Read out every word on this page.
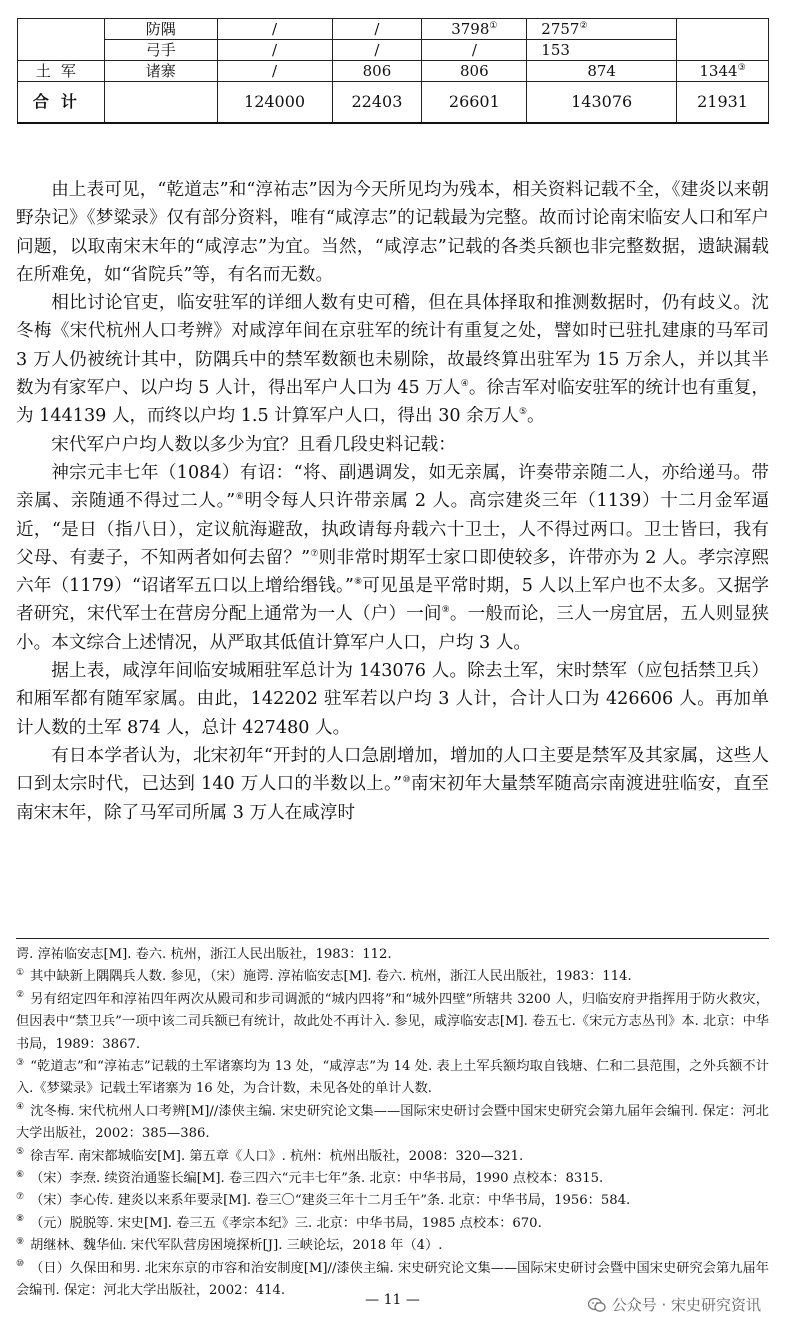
	防隅	/	/	3798①	2757②	
	弓手	/	/	/	153	
土军	诸寨	/	806	806	874	1344③
合计		124000	22403	26601	143076	21931

由上表可见，“乾道志”和“淳祐志”因为今天所见均为残本，相关资料记载不全，《建炎以来朝野杂记》《梦粱录》仅有部分资料，唯有“咸淳志”的记载最为完整。故而讨论南宋临安人口和军户问题，以取南宋末年的“咸淳志”为宜。当然，“咸淳志”记载的各类兵额也非完整数据，遗缺漏载在所难免，如“省院兵”等，有名而无数。

相比讨论官吏，临安驻军的详细人数有史可稽，但在具体择取和推测数据时，仍有歧义。沈冬梅《宋代杭州人口考辨》对咸淳年间在京驻军的统计有重复之处，譬如时已驻扎建康的马军司 3 万人仍被统计其中，防隅兵中的禁军数额也未剔除，故最终算出驻军为 15 万余人，并以其半数为有家军户、以户均 5 人计，得出军户人口为 45 万人④。徐吉军对临安驻军的统计也有重复，为 144139 人，而终以户均 1.5 计算军户人口，得出 30 余万人⑤。

宋代军户户均人数以多少为宜？且看几段史料记载：

神宗元丰七年（1084）有诏：“将、副遇调发，如无亲属，许奏带亲随二人，亦给递马。带亲属、亲随通不得过二人。”⑥明令每人只许带亲属 2 人。高宗建炎三年（1139）十二月金军逼近，“是日（指八日），定议航海避敌，执政请每舟载六十卫士，人不得过两口。卫士皆曰，我有父母、有妻子，不知两者如何去留？”⑦则非常时期军士家口即使较多，许带亦为 2 人。孝宗淳熙六年（1179）“诏诸军五口以上增给缗钱。”⑧可见虽是平常时期，5 人以上军户也不太多。又据学者研究，宋代军士在营房分配上通常为一人（户）一间⑨。一般而论，三人一房宜居，五人则显狭小。本文综合上述情况，从严取其低值计算军户人口，户均 3 人。

据上表，咸淳年间临安城厢驻军总计为 143076 人。除去土军，宋时禁军（应包括禁卫兵）和厢军都有随军家属。由此，142202 驻军若以户均 3 人计，合计人口为 426606 人。再加单计人数的土军 874 人，总计 427480 人。

有日本学者认为，北宋初年“开封的人口急剧增加，增加的人口主要是禁军及其家属，这些人口到太宗时代，已达到 140 万人口的半数以上。”⑩南宋初年大量禁军随高宗南渡进驻临安，直至南宋末年，除了马军司所属 3 万人在咸淳时

谔. 淳祐临安志[M]. 卷六. 杭州，浙江人民出版社，1983：112.
① 其中缺新上隅隅兵人数. 参见，（宋）施谔. 淳祐临安志[M]. 卷六. 杭州，浙江人民出版社，1983：114.
② 另有绍定四年和淳祐四年两次从殿司和步司调派的“城内四将”和“城外四壁”所辖共 3200 人，归临安府尹指挥用于防火救灾，但因表中“禁卫兵”一项中该二司兵额已有统计，故此处不再计入. 参见，咸淳临安志[M]. 卷五七.《宋元方志丛刊》本. 北京：中华书局，1989：3867.
③ “乾道志”和“淳祐志”记载的土军诸寨均为 13 处，“咸淳志”为 14 处. 表上土军兵额均取自钱塘、仁和二县范围，之外兵额不计入.《梦粱录》记载土军诸寨为 16 处，为合计数，未见各处的单计人数.
④ 沈冬梅. 宋代杭州人口考辨[M]//漆侠主编. 宋史研究论文集——国际宋史研讨会暨中国宋史研究会第九届年会编刊. 保定：河北大学出版社，2002：385—386.
⑤ 徐吉军. 南宋都城临安[M]. 第五章《人口》. 杭州：杭州出版社，2008：320—321.
⑥ （宋）李焘. 续资治通鉴长编[M]. 卷三四六“元丰七年”条. 北京：中华书局，1990 点校本：8315.
⑦ （宋）李心传. 建炎以来系年要录[M]. 卷三〇“建炎三年十二月壬午”条. 北京：中华书局，1956：584.
⑧ （元）脱脱等. 宋史[M]. 卷三五《孝宗本纪》三. 北京：中华书局，1985 点校本：670.
⑨ 胡继林、魏华仙. 宋代军队营房困境探析[J]. 三峡论坛，2018 年（4）.
⑩ （日）久保田和男. 北宋东京的市容和治安制度[M]//漆侠主编. 宋史研究论文集——国际宋史研讨会暨中国宋史研究会第九届年会编刊. 保定：河北大学出版社，2002：414.
— 11 —	公众号 · 宋史研究资讯
